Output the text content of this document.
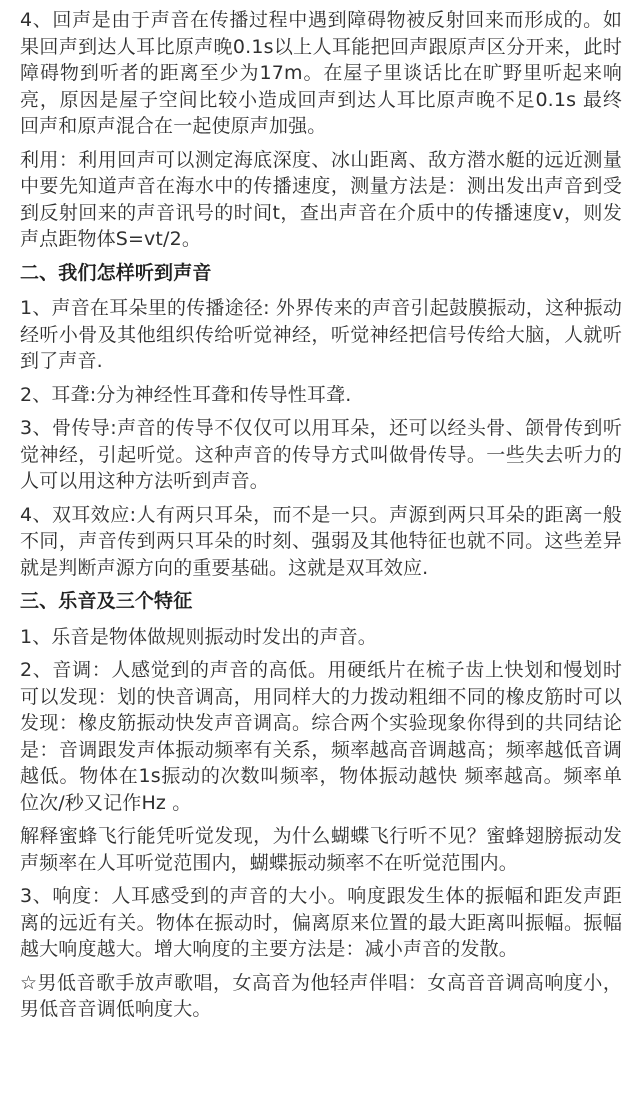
4、回声是由于声音在传播过程中遇到障碍物被反射回来而形成的。如果回声到达人耳比原声晚0.1s以上人耳能把回声跟原声区分开来，此时障碍物到听者的距离至少为17m。在屋子里谈话比在旷野里听起来响亮，原因是屋子空间比较小造成回声到达人耳比原声晚不足0.1s 最终回声和原声混合在一起使原声加强。

利用：利用回声可以测定海底深度、冰山距离、敌方潜水艇的远近测量中要先知道声音在海水中的传播速度，测量方法是：测出发出声音到受到反射回来的声音讯号的时间t，查出声音在介质中的传播速度v，则发声点距物体S=vt/2。

二、我们怎样听到声音

1、声音在耳朵里的传播途径: 外界传来的声音引起鼓膜振动，这种振动经听小骨及其他组织传给听觉神经，听觉神经把信号传给大脑，人就听到了声音.

2、耳聋:分为神经性耳聋和传导性耳聋.

3、骨传导:声音的传导不仅仅可以用耳朵，还可以经头骨、颌骨传到听觉神经，引起听觉。这种声音的传导方式叫做骨传导。一些失去听力的人可以用这种方法听到声音。

4、双耳效应:人有两只耳朵，而不是一只。声源到两只耳朵的距离一般不同，声音传到两只耳朵的时刻、强弱及其他特征也就不同。这些差异就是判断声源方向的重要基础。这就是双耳效应.

三、乐音及三个特征

1、乐音是物体做规则振动时发出的声音。

2、音调：人感觉到的声音的高低。用硬纸片在梳子齿上快划和慢划时可以发现：划的快音调高，用同样大的力拨动粗细不同的橡皮筋时可以发现：橡皮筋振动快发声音调高。综合两个实验现象你得到的共同结论是：音调跟发声体振动频率有关系，频率越高音调越高；频率越低音调越低。物体在1s振动的次数叫频率，物体振动越快 频率越高。频率单位次/秒又记作Hz 。

解释蜜蜂飞行能凭听觉发现，为什么蝴蝶飞行听不见？蜜蜂翅膀振动发声频率在人耳听觉范围内，蝴蝶振动频率不在听觉范围内。

3、响度：人耳感受到的声音的大小。响度跟发生体的振幅和距发声距离的远近有关。物体在振动时，偏离原来位置的最大距离叫振幅。振幅越大响度越大。增大响度的主要方法是：减小声音的发散。

☆男低音歌手放声歌唱，女高音为他轻声伴唱：女高音音调高响度小，男低音音调低响度大。
